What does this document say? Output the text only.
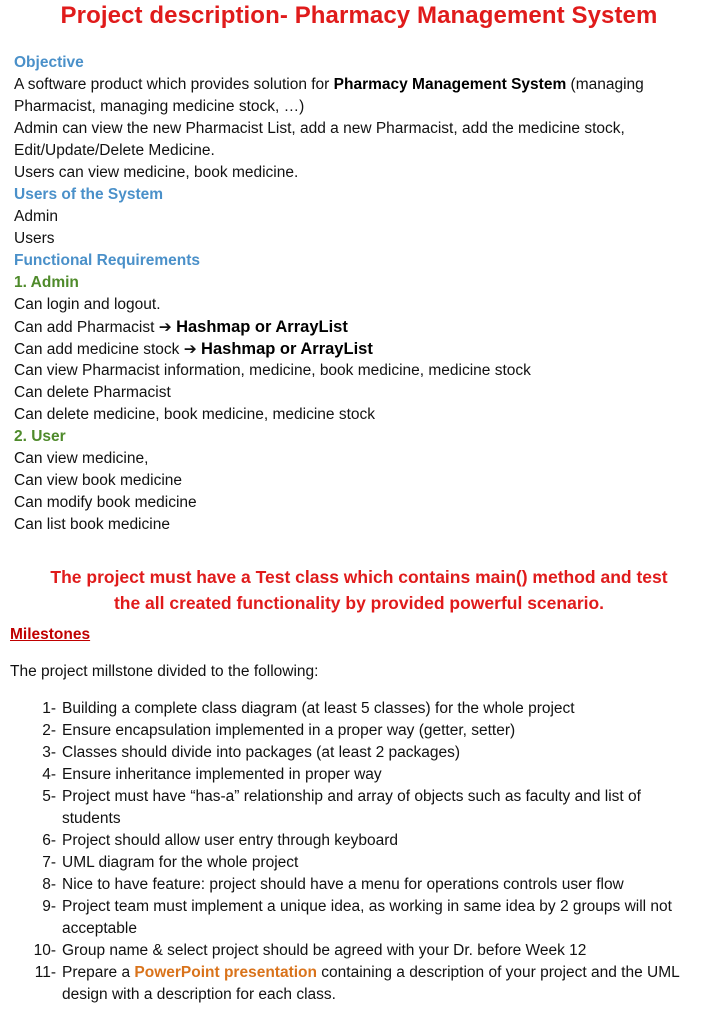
Project description- Pharmacy Management System
Objective
A software product which provides solution for Pharmacy Management System (managing
Pharmacist, managing medicine stock, …)
Admin can view the new Pharmacist List, add a new Pharmacist, add the medicine stock,
Edit/Update/Delete Medicine.
Users can view medicine, book medicine.
Users of the System
Admin
Users
Functional Requirements
1. Admin
Can login and logout.
Can add Pharmacist ➔ Hashmap or ArrayList
Can add medicine stock ➔ Hashmap or ArrayList
Can view Pharmacist information, medicine, book medicine, medicine stock
Can delete Pharmacist
Can delete medicine, book medicine, medicine stock
2. User
Can view medicine,
Can view book medicine
Can modify book medicine
Can list book medicine
The project must have a Test class which contains main() method and test
the all created functionality by provided powerful scenario.
Milestones
The project millstone divided to the following:
1- Building a complete class diagram (at least 5 classes) for the whole project
2- Ensure encapsulation implemented in a proper way (getter, setter)
3- Classes should divide into packages (at least 2 packages)
4- Ensure inheritance implemented in proper way
5- Project must have “has-a” relationship and array of objects such as faculty and list of students
6- Project should allow user entry through keyboard
7- UML diagram for the whole project
8- Nice to have feature: project should have a menu for operations controls user flow
9- Project team must implement a unique idea, as working in same idea by 2 groups will not acceptable
10- Group name & select project should be agreed with your Dr. before Week 12
11- Prepare a PowerPoint presentation containing a description of your project and the UML design with a description for each class.
